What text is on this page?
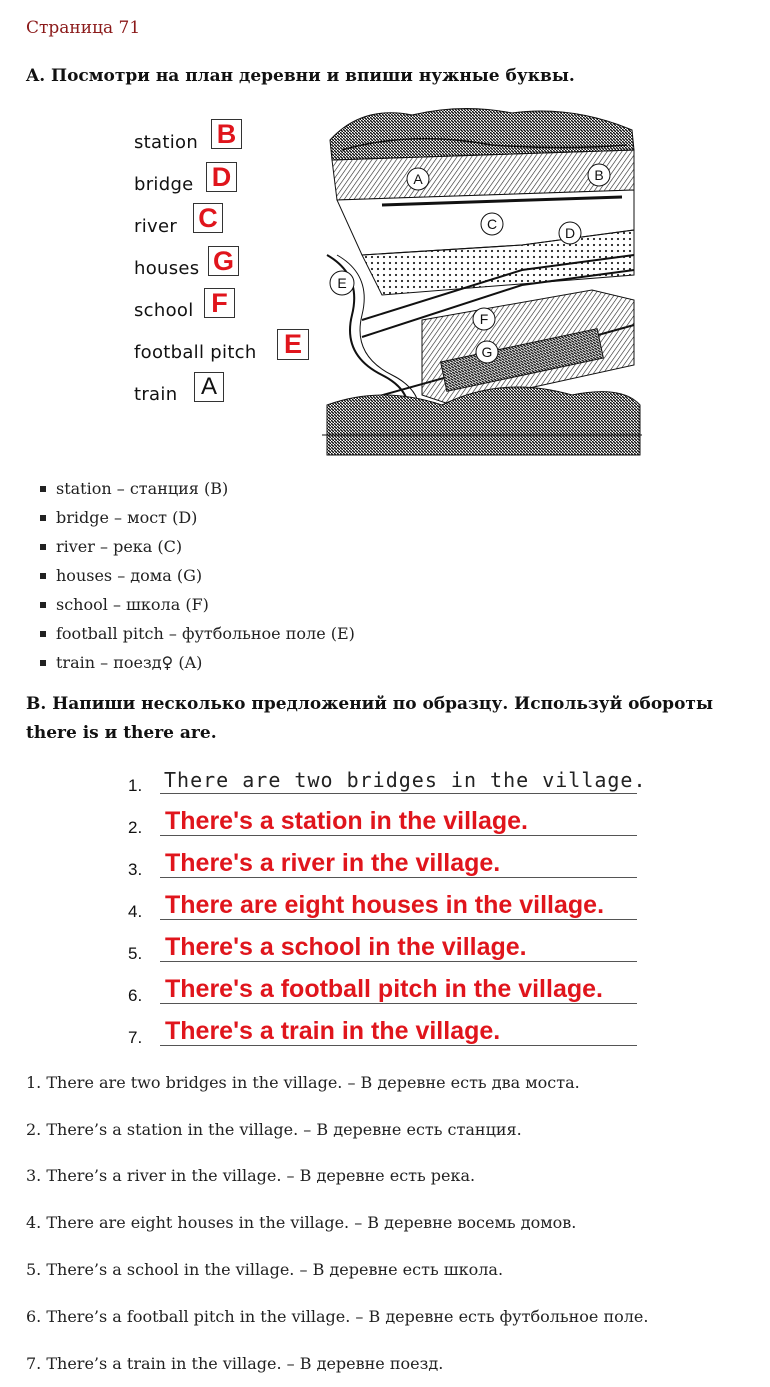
Страница 71
A. Посмотри на план деревни и впиши нужные буквы.
station B
bridge D
river C
houses G
school F
football pitch E
train A
A	B
C
D
E
F
G
station – станция (B)
bridge – мост (D)
river – река (C)
houses – дома (G)
school – школа (F)
football pitch – футбольное поле (E)
train – поезд♀ (A)
B. Напиши несколько предложений по образцу. Используй обороты
there is и there are.
1. There are two bridges in the village.
2. There's a station in the village.
3. There's a river in the village.
4. There are eight houses in the village.
5. There's a school in the village.
6. There's a football pitch in the village.
7. There's a train in the village.
1. There are two bridges in the village. – В деревне есть два моста.
2. There’s a station in the village. – В деревне есть станция.
3. There’s a river in the village. – В деревне есть река.
4. There are eight houses in the village. – В деревне восемь домов.
5. There’s a school in the village. – В деревне есть школа.
6. There’s a football pitch in the village. – В деревне есть футбольное поле.
7. There’s a train in the village. – В деревне поезд.
